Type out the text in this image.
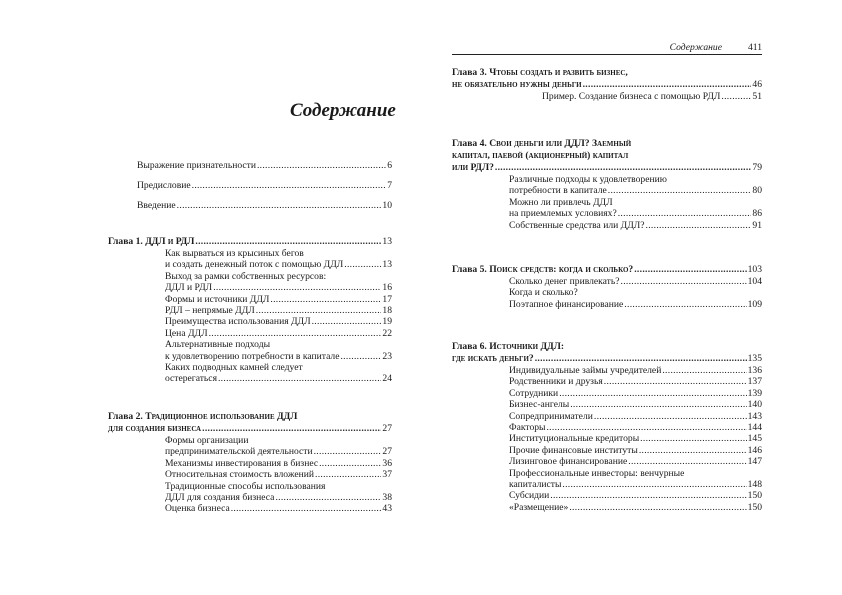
Содержание
Выражение признательности .....	6
Предисловие .....	7
Введение .....	10
Глава 1. ДДЛ и РДЛ .....	13
Как вырваться из крысиных бегов
и создать денежный поток с помощью ДДЛ .....	13
Выход за рамки собственных ресурсов:
ДДЛ и РДЛ .....	16
Формы и источники ДДЛ .....	17
РДЛ – непрямые ДДЛ .....	18
Преимущества использования ДДЛ .....	19
Цена ДДЛ .....	22
Альтернативные подходы
к удовлетворению потребности в капитале .....	23
Каких подводных камней следует
остерегаться .....	24
Глава 2. Традиционное использование ДДЛ
для создания бизнеса .....	27
Формы организации
предпринимательской деятельности .....	27
Механизмы инвестирования в бизнес .....	36
Относительная стоимость вложений .....	37
Традиционные способы использования
ДДЛ для создания бизнеса .....	38
Оценка бизнеса .....	43
Содержание	411
Глава 3. Чтобы создать и развить бизнес,
не обязательно нужны деньги .....	46
Пример. Создание бизнеса с помощью РДЛ .....	51
Глава 4. Свои деньги или ДДЛ? Заемный
капитал, паевой (акционерный) капитал
или РДЛ? .....	79
Различные подходы к удовлетворению
потребности в капитале .....	80
Можно ли привлечь ДДЛ
на приемлемых условиях? .....	86
Собственные средства или ДДЛ? .....	91
Глава 5. Поиск средств: когда и сколько? .....	103
Сколько денег привлекать? .....	104
Когда и сколько?
Поэтапное финансирование .....	109
Глава 6. Источники ДДЛ:
где искать деньги? .....	135
Индивидуальные займы учредителей .....	136
Родственники и друзья .....	137
Сотрудники .....	139
Бизнес-ангелы .....	140
Сопредприниматели .....	143
Факторы .....	144
Институциональные кредиторы .....	145
Прочие финансовые институты .....	146
Лизинговое финансирование .....	147
Профессиональные инвесторы: венчурные
капиталисты .....	148
Субсидии .....	150
«Размещение» .....	150
